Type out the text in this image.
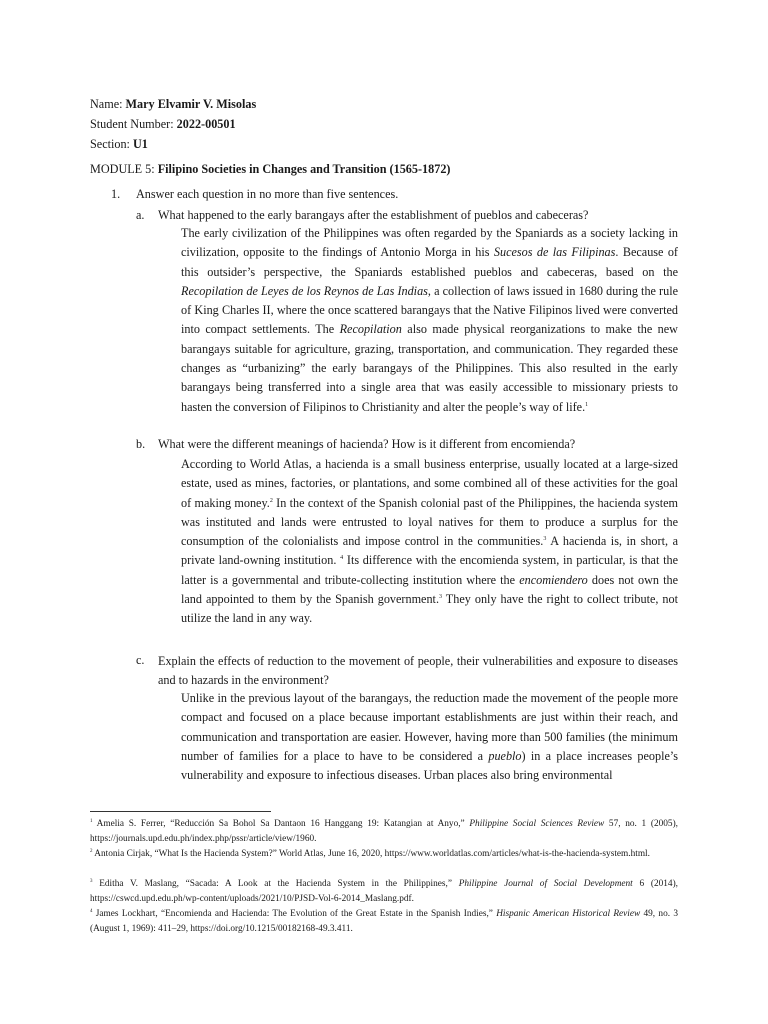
Name: Mary Elvamir V. Misolas
Student Number: 2022-00501
Section: U1
MODULE 5: Filipino Societies in Changes and Transition (1565-1872)
1. Answer each question in no more than five sentences.
a. What happened to the early barangays after the establishment of pueblos and cabeceras?

The early civilization of the Philippines was often regarded by the Spaniards as a society lacking in civilization, opposite to the findings of Antonio Morga in his Sucesos de las Filipinas. Because of this outsider’s perspective, the Spaniards established pueblos and cabeceras, based on the Recopilation de Leyes de los Reynos de Las Indias, a collection of laws issued in 1680 during the rule of King Charles II, where the once scattered barangays that the Native Filipinos lived were converted into compact settlements. The Recopilation also made physical reorganizations to make the new barangays suitable for agriculture, grazing, transportation, and communication. They regarded these changes as “urbanizing” the early barangays of the Philippines. This also resulted in the early barangays being transferred into a single area that was easily accessible to missionary priests to hasten the conversion of Filipinos to Christianity and alter the people’s way of life.$^1$

b. What were the different meanings of hacienda? How is it different from encomienda?

According to World Atlas, a hacienda is a small business enterprise, usually located at a large-sized estate, used as mines, factories, or plantations, and some combined all of these activities for the goal of making money.$^2$ In the context of the Spanish colonial past of the Philippines, the hacienda system was instituted and lands were entrusted to loyal natives for them to produce a surplus for the consumption of the colonialists and impose control in the communities.$^3$ A hacienda is, in short, a private land-owning institution. $^4$ Its difference with the encomienda system, in particular, is that the latter is a governmental and tribute-collecting institution where the encomiendero does not own the land appointed to them by the Spanish government.$^3$ They only have the right to collect tribute, not utilize the land in any way.

c. Explain the effects of reduction to the movement of people, their vulnerabilities and exposure to diseases and to hazards in the environment?

Unlike in the previous layout of the barangays, the reduction made the movement of the people more compact and focused on a place because important establishments are just within their reach, and communication and transportation are easier. However, having more than 500 families (the minimum number of families for a place to have to be considered a pueblo) in a place increases people’s vulnerability and exposure to infectious diseases. Urban places also bring environmental

$^1$ Amelia S. Ferrer, “Reducción Sa Bohol Sa Dantaon 16 Hanggang 19: Katangian at Anyo,” Philippine Social Sciences Review 57, no. 1 (2005), https://journals.upd.edu.ph/index.php/pssr/article/view/1960.
$^2$ Antonia Cirjak, “What Is the Hacienda System?” World Atlas, June 16, 2020, https://www.worldatlas.com/articles/what-is-the-hacienda-system.html.
$^3$ Editha V. Maslang, “Sacada: A Look at the Hacienda System in the Philippines,” Philippine Journal of Social Development 6 (2014), https://cswcd.upd.edu.ph/wp-content/uploads/2021/10/PJSD-Vol-6-2014_Maslang.pdf.
$^4$ James Lockhart, “Encomienda and Hacienda: The Evolution of the Great Estate in the Spanish Indies,” Hispanic American Historical Review 49, no. 3 (August 1, 1969): 411–29, https://doi.org/10.1215/00182168-49.3.411.
